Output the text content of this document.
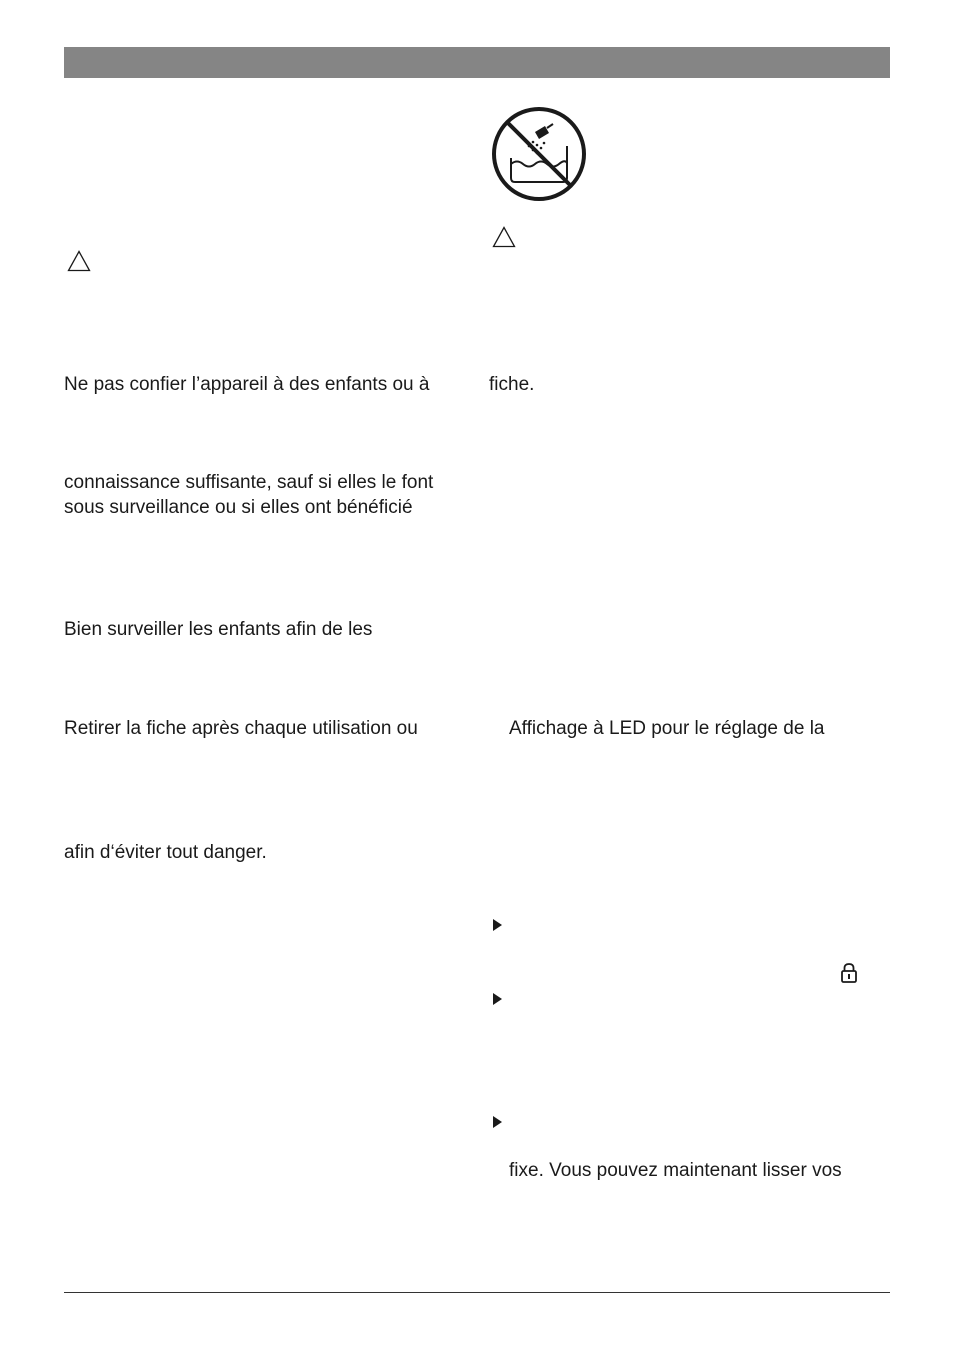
Ne pas confier l’appareil à des enfants ou à
connaissance suffisante, sauf si elles le font
sous surveillance ou si elles ont bénéficié
Bien surveiller les enfants afin de les
Retirer la fiche après chaque utilisation ou
afin d‘éviter tout danger.
fiche.
Affichage à LED pour le réglage de la
fixe. Vous pouvez maintenant lisser vos
